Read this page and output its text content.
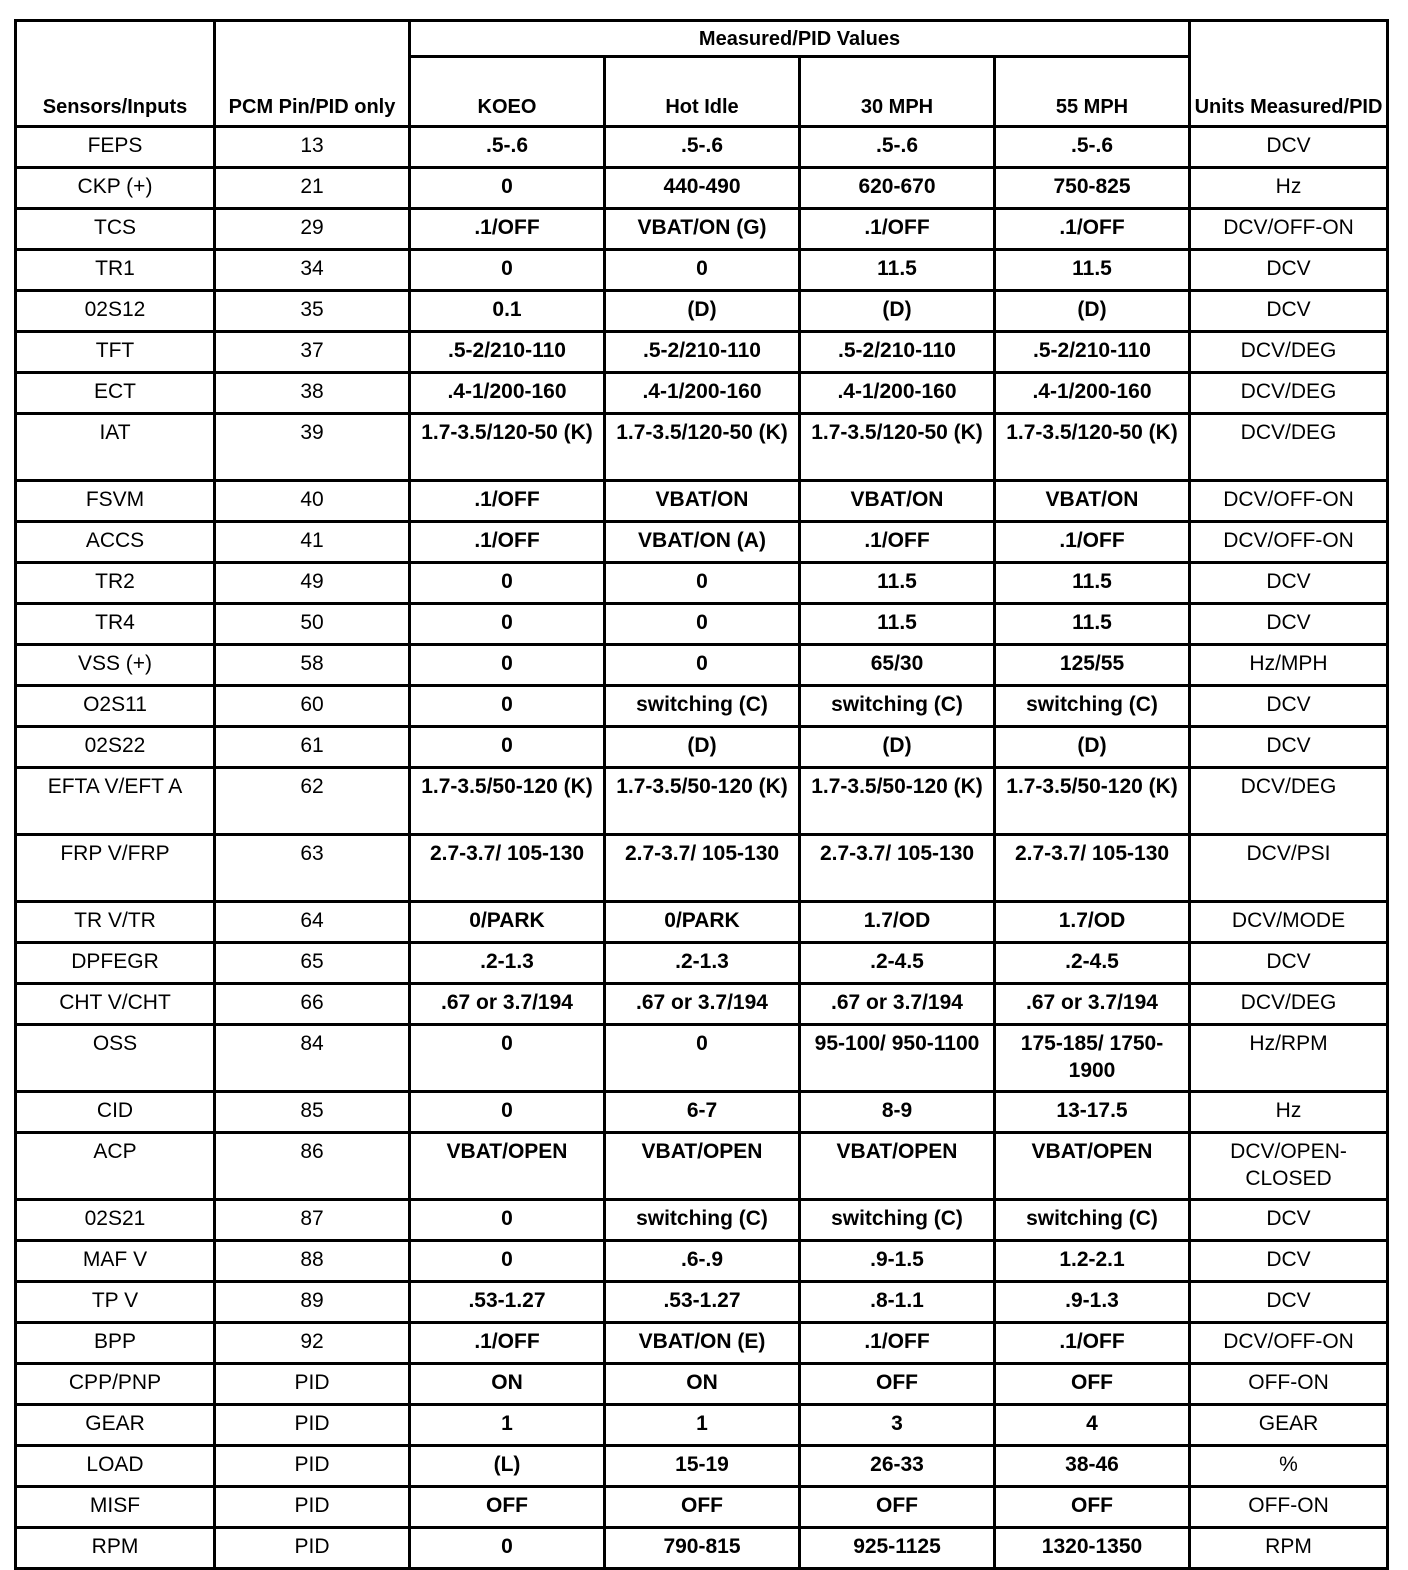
Sensors/Inputs	PCM Pin/PID only	Measured/PID Values				Units Measured/PID
		KOEO	Hot Idle	30 MPH	55 MPH	
FEPS	13	.5-.6	.5-.6	.5-.6	.5-.6	DCV
CKP (+)	21	0	440-490	620-670	750-825	Hz
TCS	29	.1/OFF	VBAT/ON (G)	.1/OFF	.1/OFF	DCV/OFF-ON
TR1	34	0	0	11.5	11.5	DCV
02S12	35	0.1	(D)	(D)	(D)	DCV
TFT	37	.5-2/210-110	.5-2/210-110	.5-2/210-110	.5-2/210-110	DCV/DEG
ECT	38	.4-1/200-160	.4-1/200-160	.4-1/200-160	.4-1/200-160	DCV/DEG
IAT	39	1.7-3.5/120-50 (K)	1.7-3.5/120-50 (K)	1.7-3.5/120-50 (K)	1.7-3.5/120-50 (K)	DCV/DEG
FSVM	40	.1/OFF	VBAT/ON	VBAT/ON	VBAT/ON	DCV/OFF-ON
ACCS	41	.1/OFF	VBAT/ON (A)	.1/OFF	.1/OFF	DCV/OFF-ON
TR2	49	0	0	11.5	11.5	DCV
TR4	50	0	0	11.5	11.5	DCV
VSS (+)	58	0	0	65/30	125/55	Hz/MPH
O2S11	60	0	switching (C)	switching (C)	switching (C)	DCV
02S22	61	0	(D)	(D)	(D)	DCV
EFTA V/EFT A	62	1.7-3.5/50-120 (K)	1.7-3.5/50-120 (K)	1.7-3.5/50-120 (K)	1.7-3.5/50-120 (K)	DCV/DEG
FRP V/FRP	63	2.7-3.7/ 105-130	2.7-3.7/ 105-130	2.7-3.7/ 105-130	2.7-3.7/ 105-130	DCV/PSI
TR V/TR	64	0/PARK	0/PARK	1.7/OD	1.7/OD	DCV/MODE
DPFEGR	65	.2-1.3	.2-1.3	.2-4.5	.2-4.5	DCV
CHT V/CHT	66	.67 or 3.7/194	.67 or 3.7/194	.67 or 3.7/194	.67 or 3.7/194	DCV/DEG
OSS	84	0	0	95-100/ 950-1100	175-185/ 1750-1900	Hz/RPM
CID	85	0	6-7	8-9	13-17.5	Hz
ACP	86	VBAT/OPEN	VBAT/OPEN	VBAT/OPEN	VBAT/OPEN	DCV/OPEN- CLOSED
02S21	87	0	switching (C)	switching (C)	switching (C)	DCV
MAF V	88	0	.6-.9	.9-1.5	1.2-2.1	DCV
TP V	89	.53-1.27	.53-1.27	.8-1.1	.9-1.3	DCV
BPP	92	.1/OFF	VBAT/ON (E)	.1/OFF	.1/OFF	DCV/OFF-ON
CPP/PNP	PID	ON	ON	OFF	OFF	OFF-ON
GEAR	PID	1	1	3	4	GEAR
LOAD	PID	(L)	15-19	26-33	38-46	%
MISF	PID	OFF	OFF	OFF	OFF	OFF-ON
RPM	PID	0	790-815	925-1125	1320-1350	RPM
